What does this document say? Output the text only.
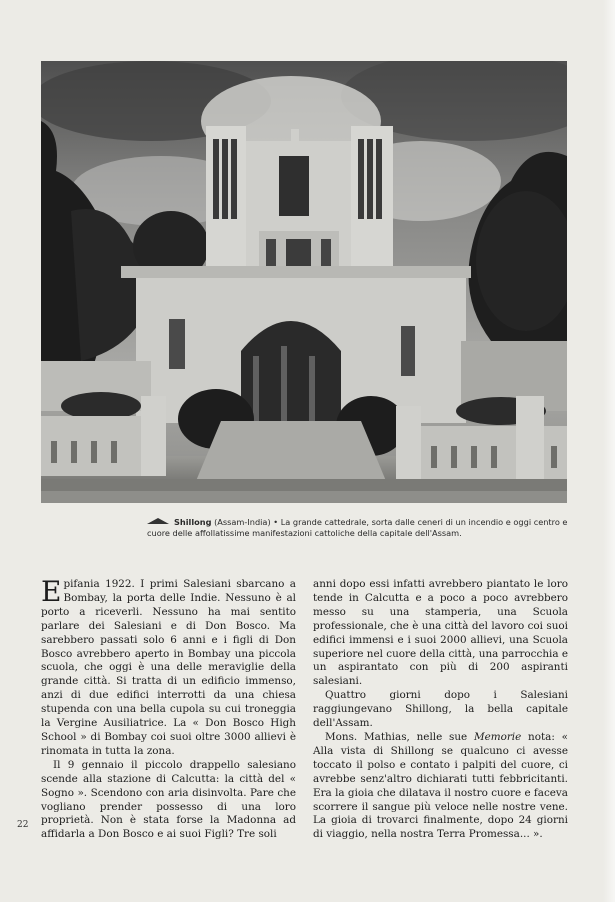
Shillong (Assam-India) • La grande cattedrale, sorta dalle ceneri di un incendio e oggi centro e cuore delle affollatissime manifestazioni cattoliche della capitale dell'Assam.

Epifania 1922. I primi Salesiani sbarcano a Bombay, la porta delle Indie. Nessuno è al porto a riceverli. Nessuno ha mai sentito parlare dei Salesiani e di Don Bosco. Ma sarebbero passati solo 6 anni e i figli di Don Bosco avrebbero aperto in Bombay una piccola scuola, che oggi è una delle meraviglie della grande città. Si tratta di un edificio immenso, anzi di due edifici interrotti da una chiesa stupenda con una bella cupola su cui troneggia la Vergine Ausiliatrice. La « Don Bosco High School » di Bombay coi suoi oltre 3000 allievi è rinomata in tutta la zona.

Il 9 gennaio il piccolo drappello salesiano scende alla stazione di Calcutta: la città del « Sogno ». Scendono con aria disinvolta. Pare che vogliano prender possesso di una loro proprietà. Non è stata forse la Madonna ad affidarla a Don Bosco e ai suoi Figli? Tre soli

anni dopo essi infatti avrebbero piantato le loro tende in Calcutta e a poco a poco avrebbero messo su una stamperia, una Scuola professionale, che è una città del lavoro coi suoi edifici immensi e i suoi 2000 allievi, una Scuola superiore nel cuore della città, una parrocchia e un aspirantato con più di 200 aspiranti salesiani.

Quattro giorni dopo i Salesiani raggiungevano Shillong, la bella capitale dell'Assam.

Mons. Mathias, nelle sue Memorie nota: « Alla vista di Shillong se qualcuno ci avesse toccato il polso e contato i palpiti del cuore, ci avrebbe senz'altro dichiarati tutti febbricitanti. Era la gioia che dilatava il nostro cuore e faceva scorrere il sangue più veloce nelle nostre vene. La gioia di trovarci finalmente, dopo 24 giorni di viaggio, nella nostra Terra Promessa... ».

22
